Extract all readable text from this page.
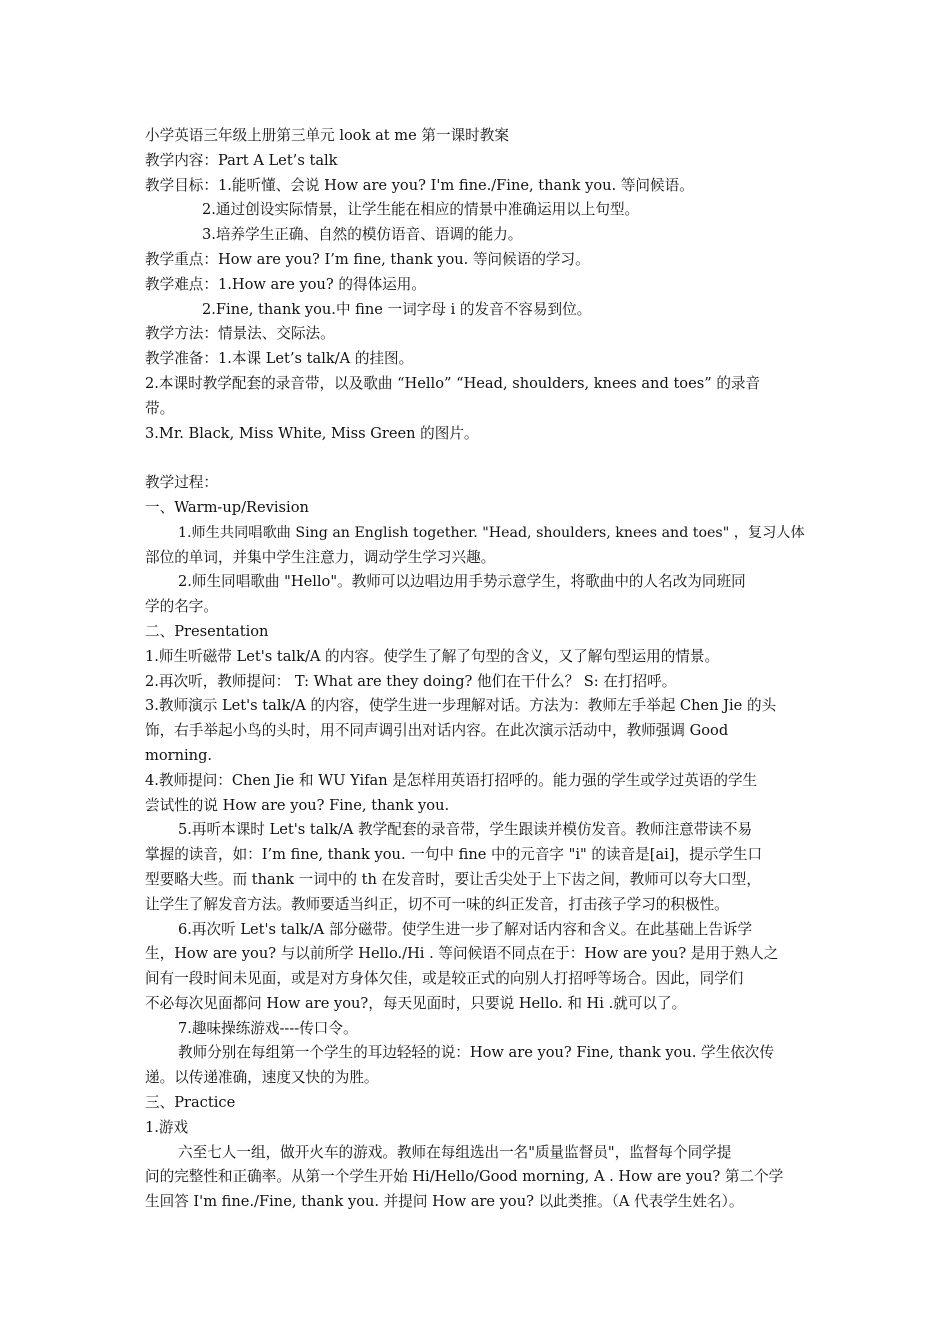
小学英语三年级上册第三单元 look at me 第一课时教案

教学内容：Part A Let’s talk

教学目标：1.能听懂、会说 How are you? I'm fine./Fine, thank you. 等问候语。

2.通过创设实际情景，让学生能在相应的情景中准确运用以上句型。

3.培养学生正确、自然的模仿语音、语调的能力。

教学重点：How are you? I’m fine, thank you. 等问候语的学习。

教学难点：1.How are you? 的得体运用。

2.Fine, thank you.中 fine 一词字母 i 的发音不容易到位。

教学方法：情景法、交际法。

教学准备：1.本课 Let’s talk/A 的挂图。

2.本课时教学配套的录音带，以及歌曲 “Hello” “Head, shoulders, knees and toes” 的录音

带。

3.Mr. Black, Miss White, Miss Green 的图片。

教学过程：

一、Warm-up/Revision

1.师生共同唱歌曲 Sing an English together. "Head, shoulders, knees and toes" ，复习人体

部位的单词，并集中学生注意力，调动学生学习兴趣。

2.师生同唱歌曲 "Hello"。教师可以边唱边用手势示意学生，将歌曲中的人名改为同班同

学的名字。

二、Presentation

1.师生听磁带 Let's talk/A 的内容。使学生了解了句型的含义，又了解句型运用的情景。

2.再次听，教师提问： T: What are they doing? 他们在干什么？ S: 在打招呼。

3.教师演示 Let's talk/A 的内容，使学生进一步理解对话。方法为：教师左手举起 Chen Jie 的头

饰，右手举起小鸟的头时，用不同声调引出对话内容。在此次演示活动中，教师强调 Good

morning.

4.教师提问：Chen Jie 和 WU Yifan 是怎样用英语打招呼的。能力强的学生或学过英语的学生

尝试性的说 How are you? Fine, thank you.

5.再听本课时 Let's talk/A 教学配套的录音带，学生跟读并模仿发音。教师注意带读不易

掌握的读音，如：I’m fine, thank you. 一句中 fine 中的元音字 "i" 的读音是[ai]，提示学生口

型要略大些。而 thank 一词中的 th 在发音时，要让舌尖处于上下齿之间，教师可以夸大口型，

让学生了解发音方法。教师要适当纠正，切不可一味的纠正发音，打击孩子学习的积极性。

6.再次听 Let's talk/A 部分磁带。使学生进一步了解对话内容和含义。在此基础上告诉学

生，How are you? 与以前所学 Hello./Hi . 等问候语不同点在于：How are you? 是用于熟人之

间有一段时间未见面，或是对方身体欠佳，或是较正式的向别人打招呼等场合。因此，同学们

不必每次见面都问 How are you?，每天见面时，只要说 Hello. 和 Hi .就可以了。

7.趣味操练游戏----传口令。

教师分别在每组第一个学生的耳边轻轻的说：How are you? Fine, thank you. 学生依次传

递。以传递准确，速度又快的为胜。

三、Practice

1.游戏

六至七人一组，做开火车的游戏。教师在每组选出一名"质量监督员"，监督每个同学提

问的完整性和正确率。从第一个学生开始 Hi/Hello/Good morning, A . How are you? 第二个学

生回答 I'm fine./Fine, thank you. 并提问 How are you? 以此类推。（A 代表学生姓名）。
